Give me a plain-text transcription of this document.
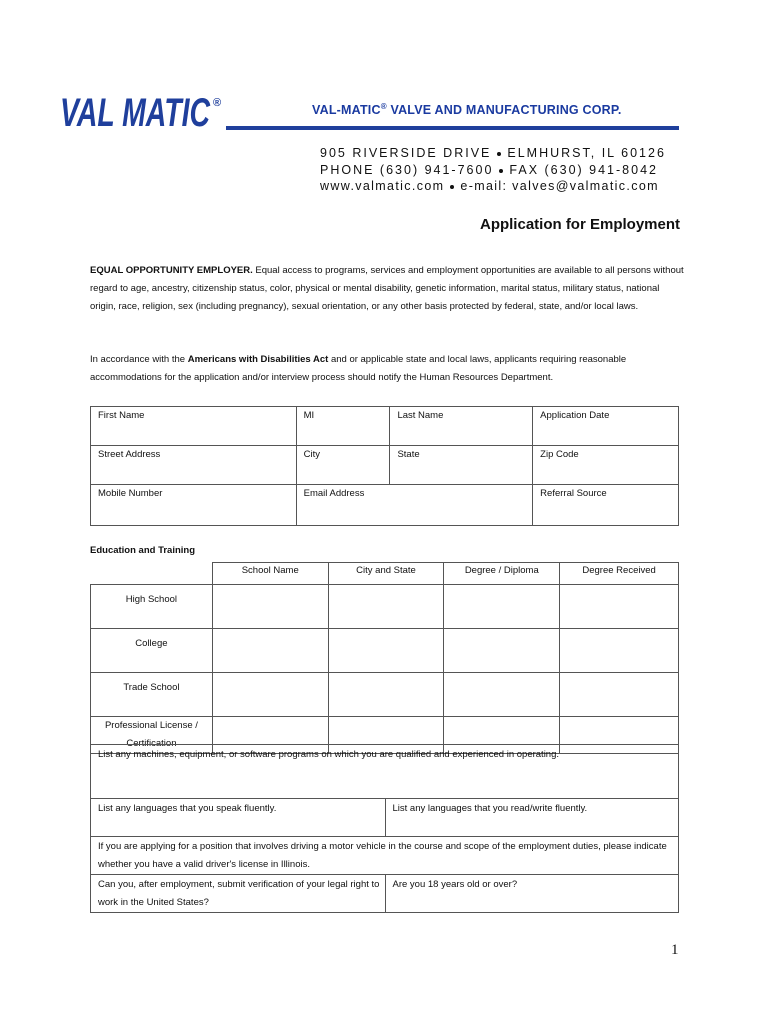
VAL MATIC ®	VAL-MATIC® VALVE AND MANUFACTURING CORP.
905 RIVERSIDE DRIVE ELMHURST, IL 60126
PHONE (630) 941-7600 FAX (630) 941-8042
www.valmatic.com e-mail: valves@valmatic.com
Application for Employment
EQUAL OPPORTUNITY EMPLOYER. Equal access to programs, services and employment opportunities are available to all persons without regard to age, ancestry, citizenship status, color, physical or mental disability, genetic information, marital status, military status, national origin, race, religion, sex (including pregnancy), sexual orientation, or any other basis protected by federal, state, and/or local laws.
In accordance with the Americans with Disabilities Act and or applicable state and local laws, applicants requiring reasonable accommodations for the application and/or interview process should notify the Human Resources Department.
First Name	MI	Last Name	Application Date
Street Address	City	State	Zip Code
Mobile Number	Email Address		Referral Source
Education and Training
	School Name	City and State	Degree / Diploma	Degree Received
High School				
College				
Trade School				
Professional License / Certification				
List any machines, equipment, or software programs on which you are qualified and experienced in operating.	
List any languages that you speak fluently.	List any languages that you read/write fluently.
If you are applying for a position that involves driving a motor vehicle in the course and scope of the employment duties, please indicate whether you have a valid driver's license in Illinois.	
Can you, after employment, submit verification of your legal right to work in the United States?	Are you 18 years old or over?
1
